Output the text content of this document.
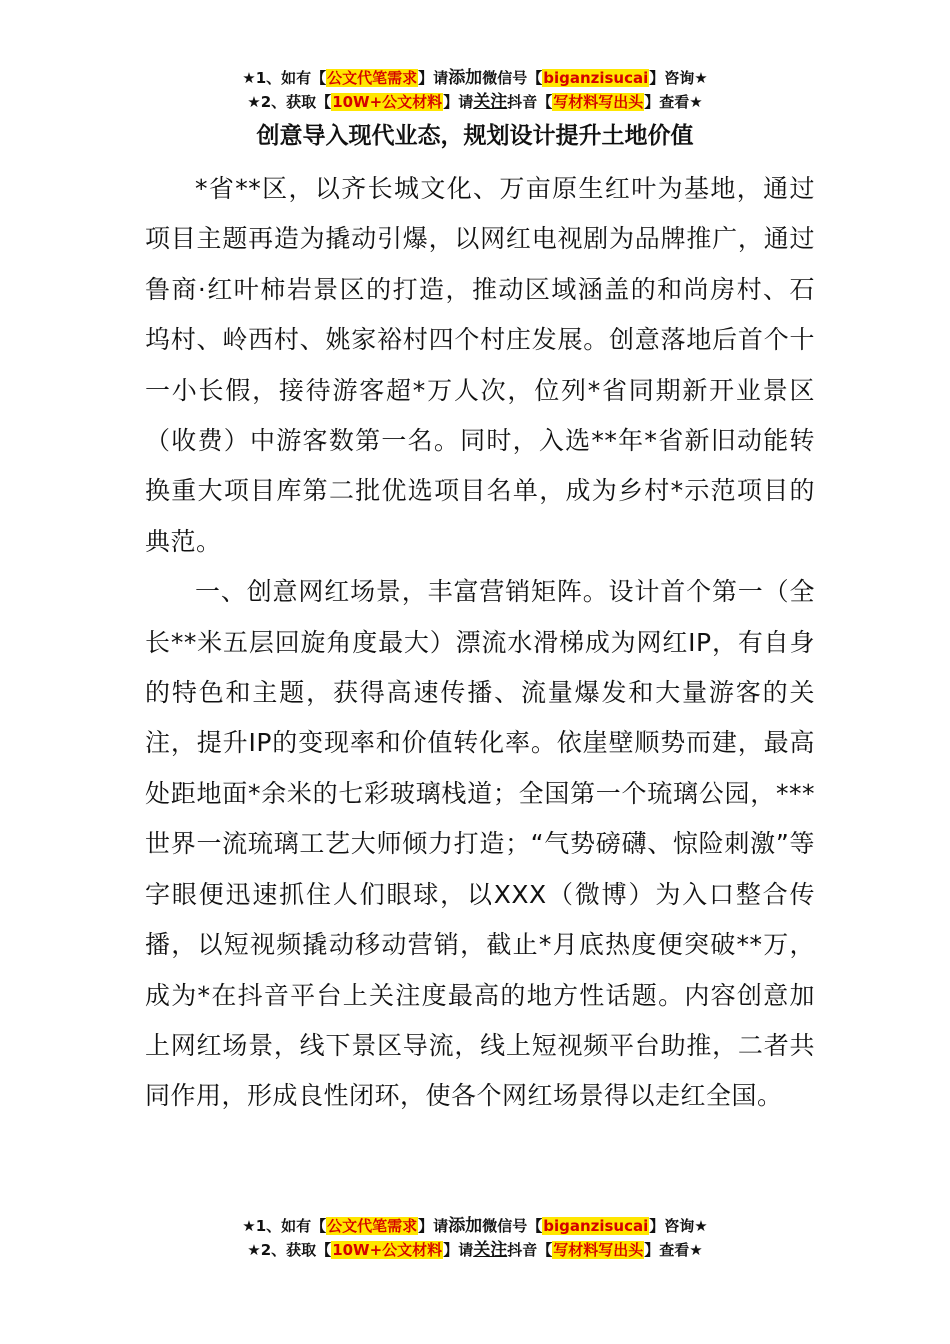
★1、如有【公文代笔需求】请添加微信号【biganzisucai】咨询★
★2、获取【10W+公文材料】请关注抖音【写材料写出头】查看★
创意导入现代业态，规划设计提升土地价值

*省**区，以齐长城文化、万亩原生红叶为基地，通过项目主题再造为撬动引爆，以网红电视剧为品牌推广，通过鲁商·红叶柿岩景区的打造，推动区域涵盖的和尚房村、石坞村、岭西村、姚家裕村四个村庄发展。创意落地后首个十一小长假，接待游客超*万人次，位列*省同期新开业景区（收费）中游客数第一名。同时，入选**年*省新旧动能转换重大项目库第二批优选项目名单，成为乡村*示范项目的典范。

一、创意网红场景，丰富营销矩阵。设计首个第一（全长**米五层回旋角度最大）漂流水滑梯成为网红IP，有自身的特色和主题，获得高速传播、流量爆发和大量游客的关注，提升IP的变现率和价值转化率。依崖壁顺势而建，最高处距地面*余米的七彩玻璃栈道；全国第一个琉璃公园，***世界一流琉璃工艺大师倾力打造；“气势磅礴、惊险刺激”等字眼便迅速抓住人们眼球，以XXX（微博）为入口整合传播，以短视频撬动移动营销，截止*月底热度便突破**万，成为*在抖音平台上关注度最高的地方性话题。内容创意加上网红场景，线下景区导流，线上短视频平台助推，二者共同作用，形成良性闭环，使各个网红场景得以走红全国。

★1、如有【公文代笔需求】请添加微信号【biganzisucai】咨询★
★2、获取【10W+公文材料】请关注抖音【写材料写出头】查看★
